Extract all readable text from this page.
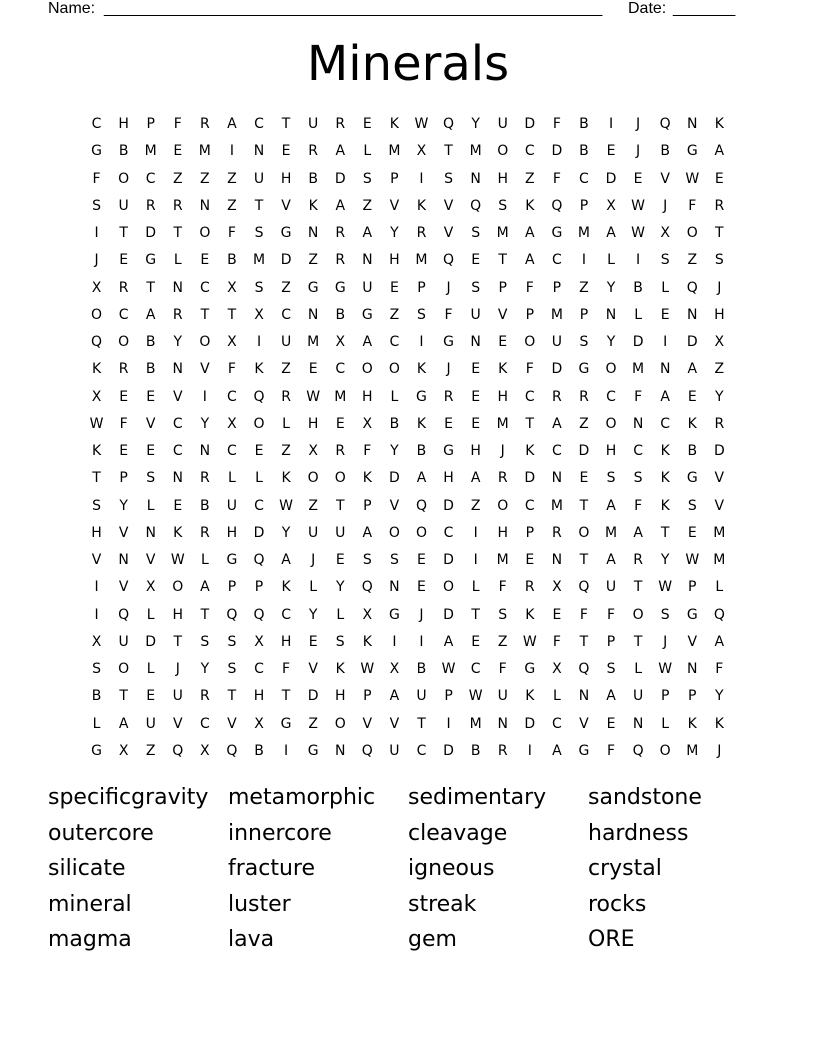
Name: ________________________________________________________	Date: _______
Minerals
C	H	P	F	R	A	C	T	U	R	E	K	W	Q	Y	U	D	F	B	I	J	Q	N	K
G	B	M	E	M	I	N	E	R	A	L	M	X	T	M	O	C	D	B	E	J	B	G	A
F	O	C	Z	Z	Z	U	H	B	D	S	P	I	S	N	H	Z	F	C	D	E	V	W	E
S	U	R	R	N	Z	T	V	K	A	Z	V	K	V	Q	S	K	Q	P	X	W	J	F	R
I	T	D	T	O	F	S	G	N	R	A	Y	R	V	S	M	A	G	M	A	W	X	O	T
J	E	G	L	E	B	M	D	Z	R	N	H	M	Q	E	T	A	C	I	L	I	S	Z	S
X	R	T	N	C	X	S	Z	G	G	U	E	P	J	S	P	F	P	Z	Y	B	L	Q	J
O	C	A	R	T	T	X	C	N	B	G	Z	S	F	U	V	P	M	P	N	L	E	N	H
Q	O	B	Y	O	X	I	U	M	X	A	C	I	G	N	E	O	U	S	Y	D	I	D	X
K	R	B	N	V	F	K	Z	E	C	O	O	K	J	E	K	F	D	G	O	M	N	A	Z
X	E	E	V	I	C	Q	R	W	M	H	L	G	R	E	H	C	R	R	C	F	A	E	Y
W	F	V	C	Y	X	O	L	H	E	X	B	K	E	E	M	T	A	Z	O	N	C	K	R
K	E	E	C	N	C	E	Z	X	R	F	Y	B	G	H	J	K	C	D	H	C	K	B	D
T	P	S	N	R	L	L	K	O	O	K	D	A	H	A	R	D	N	E	S	S	K	G	V
S	Y	L	E	B	U	C	W	Z	T	P	V	Q	D	Z	O	C	M	T	A	F	K	S	V
H	V	N	K	R	H	D	Y	U	U	A	O	O	C	I	H	P	R	O	M	A	T	E	M
V	N	V	W	L	G	Q	A	J	E	S	S	E	D	I	M	E	N	T	A	R	Y	W	M
I	V	X	O	A	P	P	K	L	Y	Q	N	E	O	L	F	R	X	Q	U	T	W	P	L
I	Q	L	H	T	Q	Q	C	Y	L	X	G	J	D	T	S	K	E	F	F	O	S	G	Q
X	U	D	T	S	S	X	H	E	S	K	I	I	A	E	Z	W	F	T	P	T	J	V	A
S	O	L	J	Y	S	C	F	V	K	W	X	B	W	C	F	G	X	Q	S	L	W	N	F
B	T	E	U	R	T	H	T	D	H	P	A	U	P	W	U	K	L	N	A	U	P	P	Y
L	A	U	V	C	V	X	G	Z	O	V	V	T	I	M	N	D	C	V	E	N	L	K	K
G	X	Z	Q	X	Q	B	I	G	N	Q	U	C	D	B	R	I	A	G	F	Q	O	M	J
specificgravity metamorphic	sedimentary	sandstone
outercore	innercore	cleavage	hardness
silicate	fracture	igneous	crystal
mineral	luster	streak	rocks
magma	lava	gem	ORE
